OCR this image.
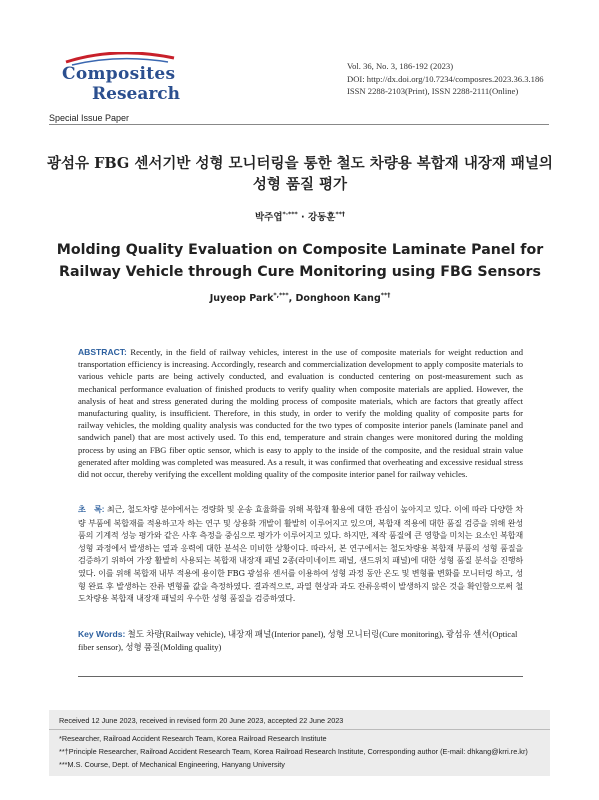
Composites
Research
Vol. 36, No. 3, 186-192 (2023)
DOI: http://dx.doi.org/10.7234/composres.2023.36.3.186
ISSN 2288-2103(Print), ISSN 2288-2111(Online)
Special Issue Paper
광섬유 FBG 센서기반 성형 모니터링을 통한 철도 차량용 복합재 내장재 패널의 성형 품질 평가
박주엽*·*** · 강동훈**†
Molding Quality Evaluation on Composite Laminate Panel for Railway Vehicle through Cure Monitoring using FBG Sensors
Juyeop Park*,***, Donghoon Kang**†
ABSTRACT: Recently, in the field of railway vehicles, interest in the use of composite materials for weight reduction and transportation efficiency is increasing. Accordingly, research and commercialization development to apply composite materials to various vehicle parts are being actively conducted, and evaluation is conducted centering on post-measurement such as mechanical performance evaluation of finished products to verify quality when composite materials are applied. However, the analysis of heat and stress generated during the molding process of composite materials, which are factors that greatly affect manufacturing quality, is insufficient. Therefore, in this study, in order to verify the molding quality of composite parts for railway vehicles, the molding quality analysis was conducted for the two types of composite interior panels (laminate panel and sandwich panel) that are most actively used. To this end, temperature and strain changes were monitored during the molding process by using an FBG fiber optic sensor, which is easy to apply to the inside of the composite, and the residual strain value generated after molding was completed was measured. As a result, it was confirmed that overheating and excessive residual stress did not occur, thereby verifying the excellent molding quality of the composite interior panel for railway vehicles.
초　록: 최근, 철도차량 분야에서는 경량화 및 운송 효율화를 위해 복합재 활용에 대한 관심이 높아지고 있다. 이에 따라 다양한 차량 부품에 복합재를 적용하고자 하는 연구 및 상용화 개발이 활발히 이루어지고 있으며, 복합재 적용에 대한 품질 검증을 위해 완성품의 기계적 성능 평가와 같은 사후 측정을 중심으로 평가가 이루어지고 있다. 하지만, 제작 품질에 큰 영향을 미치는 요소인 복합재 성형 과정에서 발생하는 열과 응력에 대한 분석은 미비한 상황이다. 따라서, 본 연구에서는 철도차량용 복합재 부품의 성형 품질을 검증하기 위하여 가장 활발히 사용되는 복합재 내장재 패널 2종(라미네이트 패널, 샌드위치 패널)에 대한 성형 품질 분석을 진행하였다. 이를 위해 복합재 내부 적용에 용이한 FBG 광섬유 센서를 이용하여 성형 과정 동안 온도 및 변형률 변화를 모니터링 하고, 성형 완료 후 발생하는 잔류 변형률 값을 측정하였다. 결과적으로, 과열 현상과 과도 잔류응력이 발생하지 않은 것을 확인함으로써 철도차량용 복합재 내장재 패널의 우수한 성형 품질을 검증하였다.
Key Words: 철도 차량(Railway vehicle), 내장재 패널(Interior panel), 성형 모니터링(Cure monitoring), 광섬유 센서(Optical fiber sensor), 성형 품질(Molding quality)
Received 12 June 2023, received in revised form 20 June 2023, accepted 22 June 2023
*Researcher, Railroad Accident Research Team, Korea Railroad Research Institute
**†Principle Researcher, Railroad Accident Research Team, Korea Railroad Research Institute, Corresponding author (E-mail: dhkang@krri.re.kr)
***M.S. Course, Dept. of Mechanical Engineering, Hanyang University
